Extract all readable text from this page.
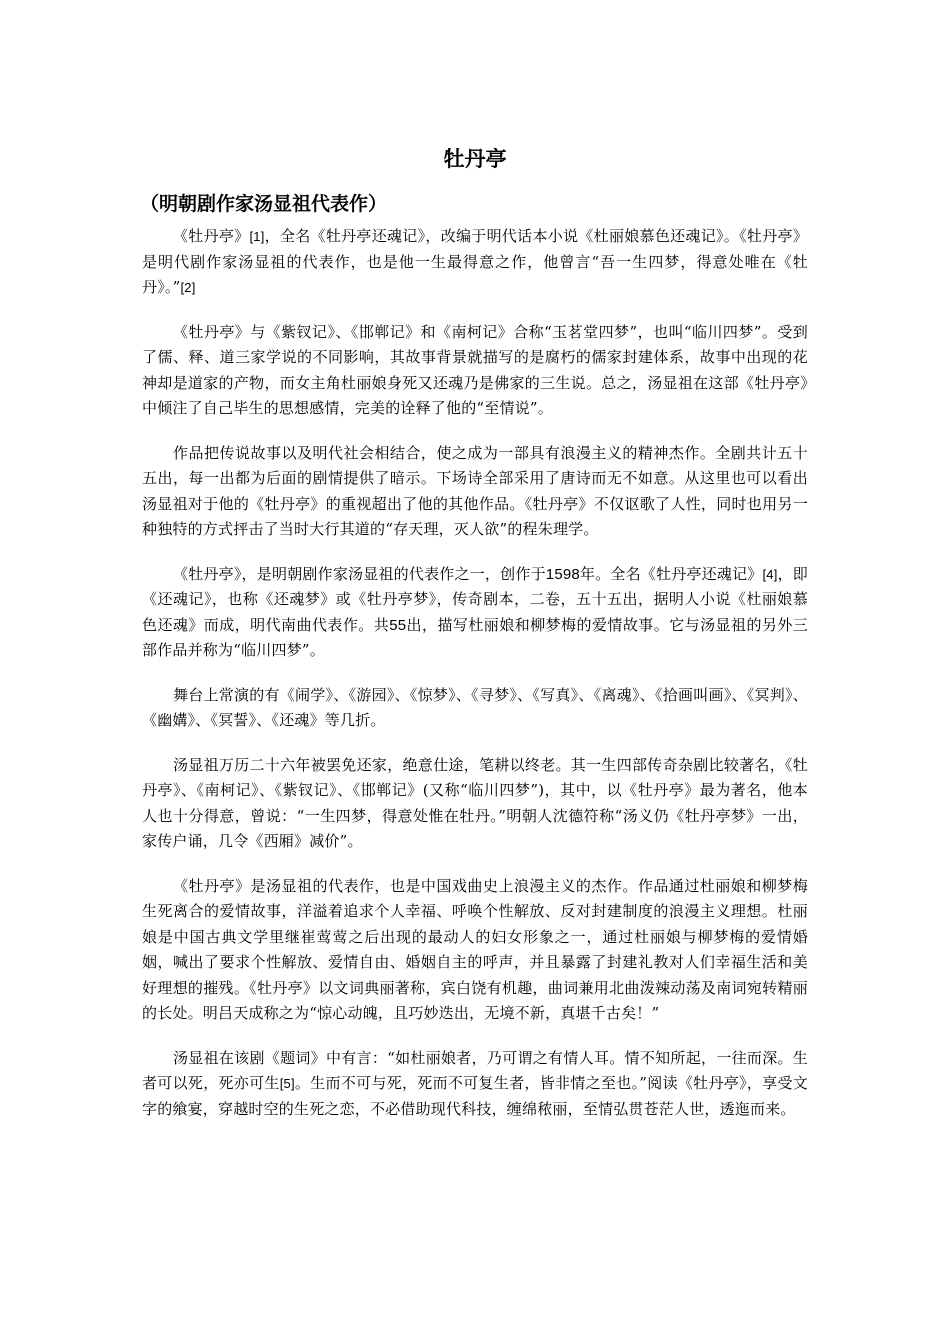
牡丹亭
（明朝剧作家汤显祖代表作）

《牡丹亭》[1]，全名《牡丹亭还魂记》，改编于明代话本小说《杜丽娘慕色还魂记》。《牡丹亭》是明代剧作家汤显祖的代表作，也是他一生最得意之作，他曾言“吾一生四梦，得意处唯在《牡丹》。”[2]

《牡丹亭》与《紫钗记》、《邯郸记》和《南柯记》合称“玉茗堂四梦”，也叫“临川四梦”。受到了儒、释、道三家学说的不同影响，其故事背景就描写的是腐朽的儒家封建体系，故事中出现的花神却是道家的产物，而女主角杜丽娘身死又还魂乃是佛家的三生说。总之，汤显祖在这部《牡丹亭》中倾注了自己毕生的思想感情，完美的诠释了他的“至情说”。

作品把传说故事以及明代社会相结合，使之成为一部具有浪漫主义的精神杰作。全剧共计五十五出，每一出都为后面的剧情提供了暗示。下场诗全部采用了唐诗而无不如意。从这里也可以看出汤显祖对于他的《牡丹亭》的重视超出了他的其他作品。《牡丹亭》不仅讴歌了人性，同时也用另一种独特的方式抨击了当时大行其道的“存天理，灭人欲”的程朱理学。

《牡丹亭》，是明朝剧作家汤显祖的代表作之一，创作于1598年。全名《牡丹亭还魂记》[4]，即《还魂记》，也称《还魂梦》或《牡丹亭梦》，传奇剧本，二卷，五十五出，据明人小说《杜丽娘慕色还魂》而成，明代南曲代表作。共55出，描写杜丽娘和柳梦梅的爱情故事。它与汤显祖的另外三部作品并称为“临川四梦”。

舞台上常演的有《闹学》、《游园》、《惊梦》、《寻梦》、《写真》、《离魂》、《拾画叫画》、《冥判》、《幽媾》、《冥誓》、《还魂》等几折。

汤显祖万历二十六年被罢免还家，绝意仕途，笔耕以终老。其一生四部传奇杂剧比较著名，《牡丹亭》、《南柯记》、《紫钗记》、《邯郸记》(又称“临川四梦”)，其中，以《牡丹亭》最为著名，他本人也十分得意，曾说：“一生四梦，得意处惟在牡丹。”明朝人沈德符称“汤义仍《牡丹亭梦》一出，家传户诵，几令《西厢》减价”。

《牡丹亭》是汤显祖的代表作，也是中国戏曲史上浪漫主义的杰作。作品通过杜丽娘和柳梦梅生死离合的爱情故事，洋溢着追求个人幸福、呼唤个性解放、反对封建制度的浪漫主义理想。杜丽娘是中国古典文学里继崔莺莺之后出现的最动人的妇女形象之一，通过杜丽娘与柳梦梅的爱情婚姻，喊出了要求个性解放、爱情自由、婚姻自主的呼声，并且暴露了封建礼教对人们幸福生活和美好理想的摧残。《牡丹亭》以文词典丽著称，宾白饶有机趣，曲词兼用北曲泼辣动荡及南词宛转精丽的长处。明吕天成称之为“惊心动魄，且巧妙迭出，无境不新，真堪千古矣！”

汤显祖在该剧《题词》中有言：“如杜丽娘者，乃可谓之有情人耳。情不知所起，一往而深。生者可以死，死亦可生[5]。生而不可与死，死而不可复生者，皆非情之至也。”阅读《牡丹亭》，享受文字的飨宴，穿越时空的生死之恋，不必借助现代科技，缠绵秾丽，至情弘贯苍茫人世，透迤而来。
